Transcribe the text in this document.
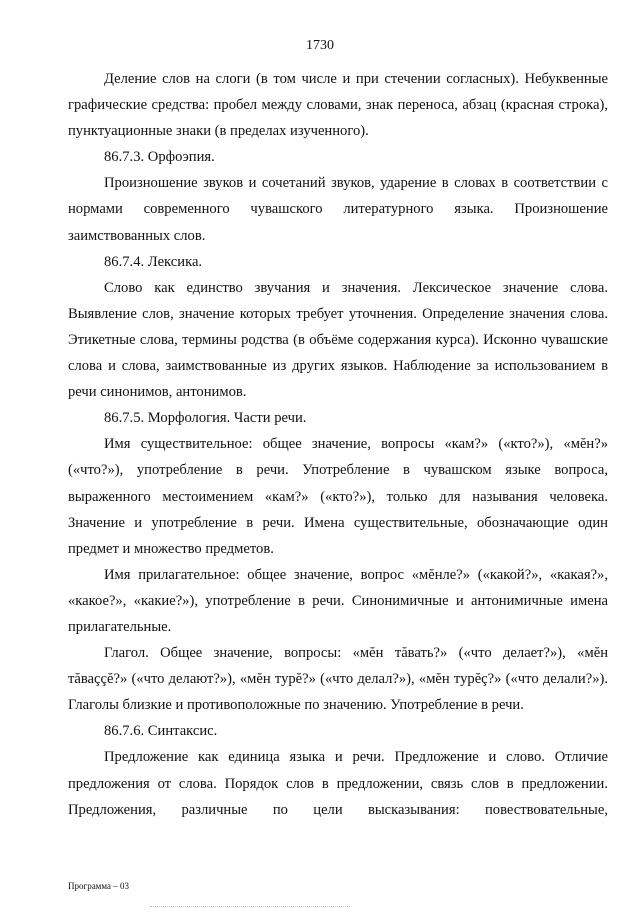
1730

Деление слов на слоги (в том числе и при стечении согласных). Небуквенные графические средства: пробел между словами, знак переноса, абзац (красная строка), пунктуационные знаки (в пределах изученного).

86.7.3. Орфоэпия.

Произношение звуков и сочетаний звуков, ударение в словах в соответствии с нормами современного чувашского литературного языка. Произношение заимствованных слов.

86.7.4. Лексика.

Слово как единство звучания и значения. Лексическое значение слова. Выявление слов, значение которых требует уточнения. Определение значения слова. Этикетные слова, термины родства (в объёме содержания курса). Исконно чувашские слова и слова, заимствованные из других языков. Наблюдение за использованием в речи синонимов, антонимов.

86.7.5. Морфология. Части речи.

Имя существительное: общее значение, вопросы «кам?» («кто?»), «мĕн?» («что?»), употребление в речи. Употребление в чувашском языке вопроса, выраженного местоимением «кам?» («кто?»), только для называния человека. Значение и употребление в речи. Имена существительные, обозначающие один предмет и множество предметов.

Имя прилагательное: общее значение, вопрос «мĕнле?» («какой?», «какая?», «какое?», «какие?»), употребление в речи. Синонимичные и антонимичные имена прилагательные.

Глагол. Общее значение, вопросы: «мĕн тăвать?» («что делает?»), «мĕн тăваççĕ?» («что делают?»), «мĕн турĕ?» («что делал?»), «мĕн турĕç?» («что делали?»). Глаголы близкие и противоположные по значению. Употребление в речи.

86.7.6. Синтаксис.

Предложение как единица языка и речи. Предложение и слово. Отличие предложения от слова. Порядок слов в предложении, связь слов в предложении. Предложения, различные по цели высказывания: повествовательные,

Программа – 03
